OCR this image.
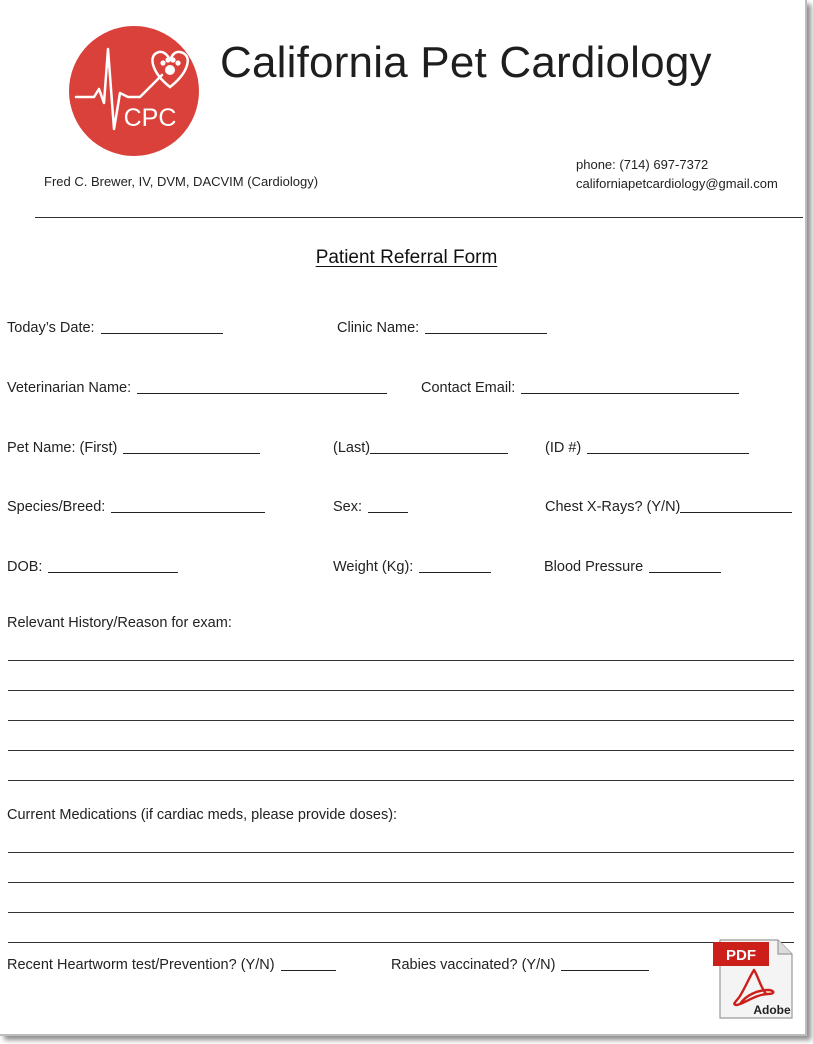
CPC
California Pet Cardiology
Fred C. Brewer, IV, DVM, DACVIM (Cardiology)
phone: (714) 697-7372
californiapetcardiology@gmail.com
Patient Referral Form
Today’s Date:	Clinic Name:
Veterinarian Name:	Contact Email:
Pet Name: (First)	(Last)	(ID #)
Species/Breed:	Sex:	Chest X-Rays? (Y/N)
DOB:	Weight (Kg):	Blood Pressure
Relevant History/Reason for exam:
Current Medications (if cardiac meds, please provide doses):
Recent Heartworm test/Prevention? (Y/N)	Rabies vaccinated? (Y/N)
PDF
Adobe
